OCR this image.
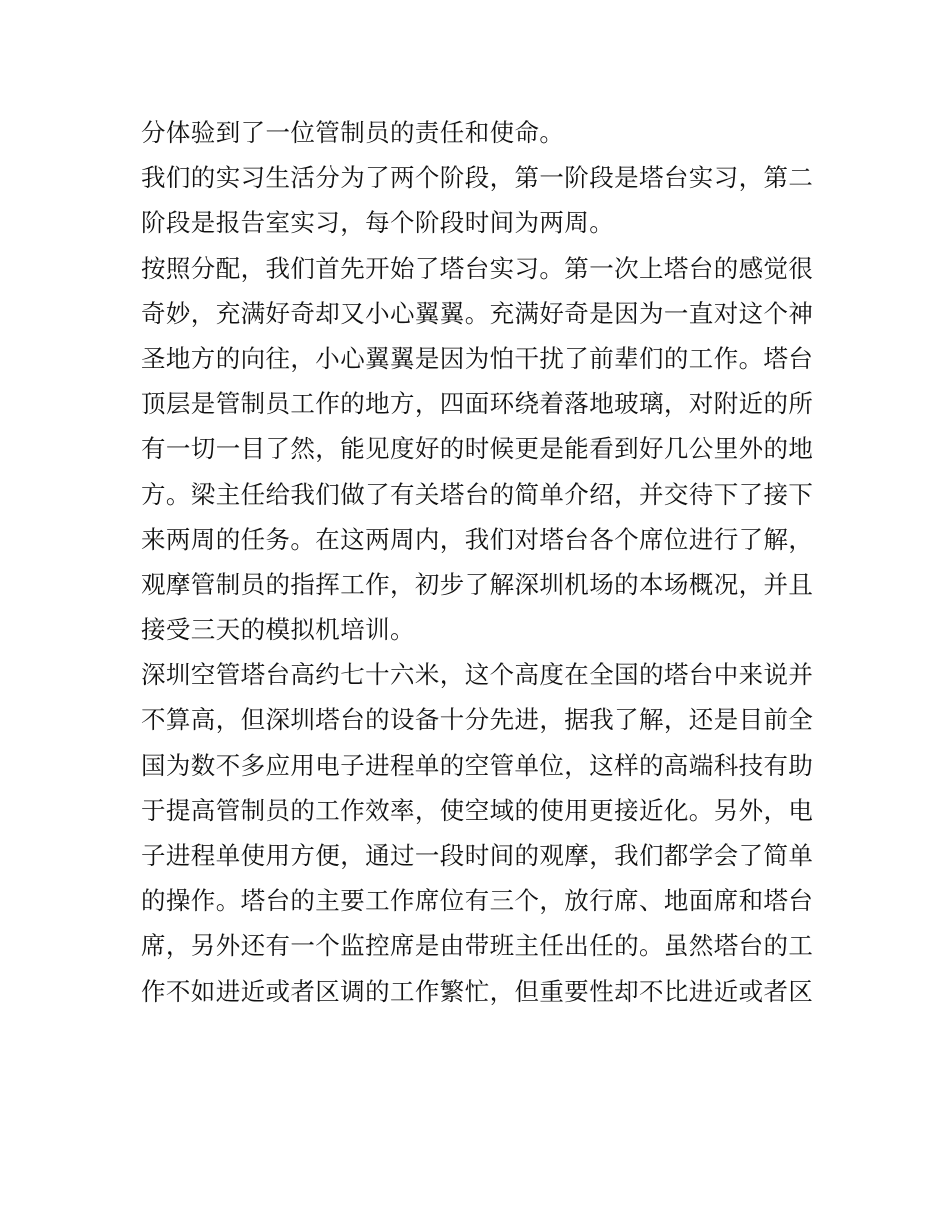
分体验到了一位管制员的责任和使命。
我们的实习生活分为了两个阶段，第一阶段是塔台实习，第二
阶段是报告室实习，每个阶段时间为两周。
按照分配，我们首先开始了塔台实习。第一次上塔台的感觉很
奇妙，充满好奇却又小心翼翼。充满好奇是因为一直对这个神
圣地方的向往，小心翼翼是因为怕干扰了前辈们的工作。塔台
顶层是管制员工作的地方，四面环绕着落地玻璃，对附近的所
有一切一目了然，能见度好的时候更是能看到好几公里外的地
方。梁主任给我们做了有关塔台的简单介绍，并交待下了接下
来两周的任务。在这两周内，我们对塔台各个席位进行了解，
观摩管制员的指挥工作，初步了解深圳机场的本场概况，并且
接受三天的模拟机培训。
深圳空管塔台高约七十六米，这个高度在全国的塔台中来说并
不算高，但深圳塔台的设备十分先进，据我了解，还是目前全
国为数不多应用电子进程单的空管单位，这样的高端科技有助
于提高管制员的工作效率，使空域的使用更接近化。另外，电
子进程单使用方便，通过一段时间的观摩，我们都学会了简单
的操作。塔台的主要工作席位有三个，放行席、地面席和塔台
席，另外还有一个监控席是由带班主任出任的。虽然塔台的工
作不如进近或者区调的工作繁忙，但重要性却不比进近或者区
